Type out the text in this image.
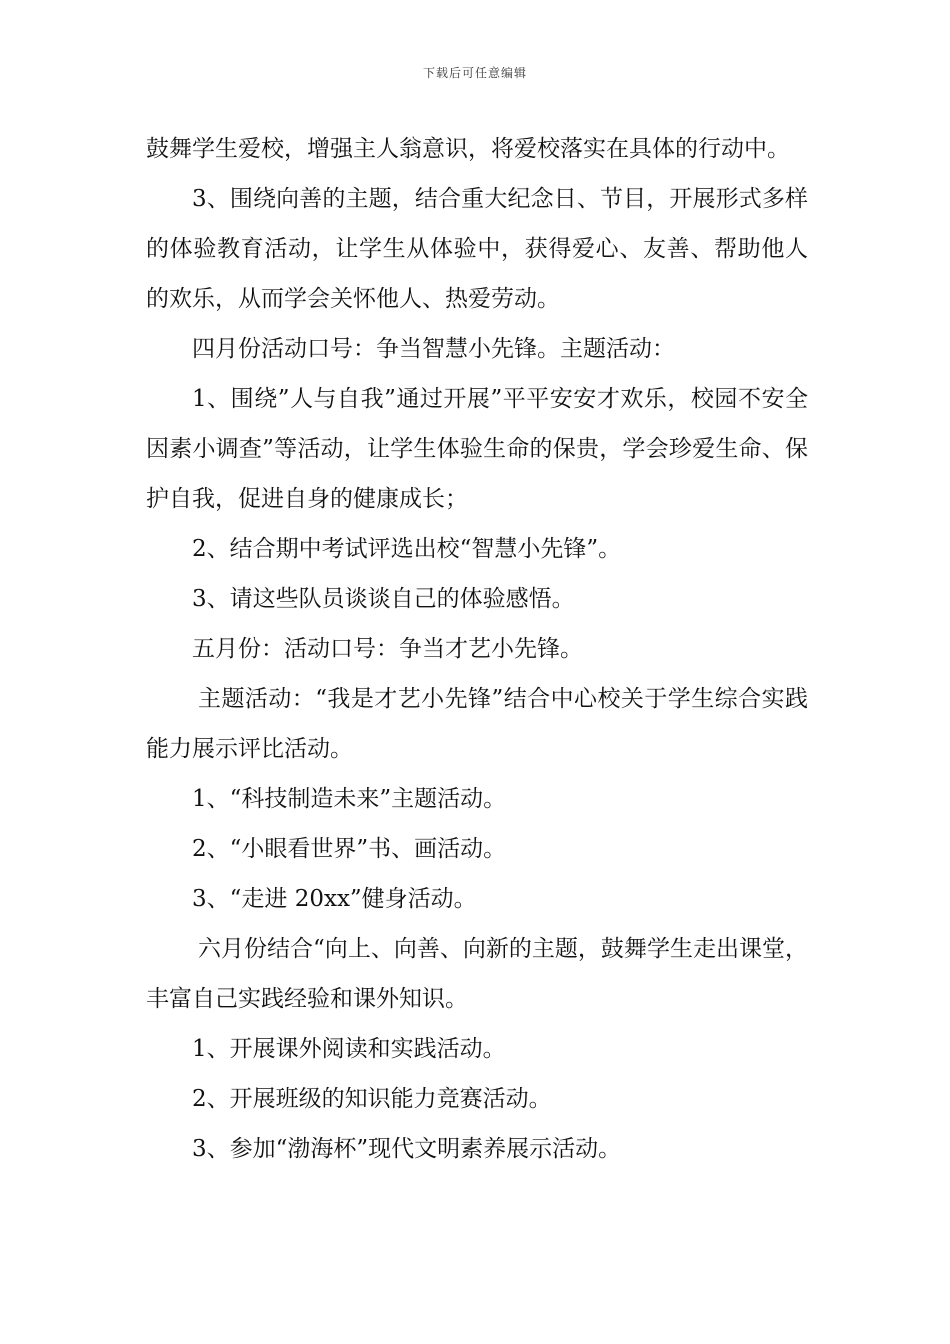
下载后可任意编辑

鼓舞学生爱校，增强主人翁意识，将爱校落实在具体的行动中。

3、围绕向善的主题，结合重大纪念日、节目，开展形式多样的体验教育活动，让学生从体验中，获得爱心、友善、帮助他人的欢乐，从而学会关怀他人、热爱劳动。

四月份活动口号：争当智慧小先锋。主题活动：

1、围绕”人与自我”通过开展”平平安安才欢乐，校园不安全因素小调查”等活动，让学生体验生命的保贵，学会珍爱生命、保护自我，促进自身的健康成长；

2、结合期中考试评选出校“智慧小先锋”。

3、请这些队员谈谈自己的体验感悟。

五月份：活动口号：争当才艺小先锋。

主题活动：“我是才艺小先锋”结合中心校关于学生综合实践能力展示评比活动。

1、“科技制造未来”主题活动。

2、“小眼看世界”书、画活动。

3、“走进 20xx”健身活动。

六月份结合“向上、向善、向新的主题，鼓舞学生走出课堂，丰富自己实践经验和课外知识。

1、开展课外阅读和实践活动。

2、开展班级的知识能力竞赛活动。

3、参加“渤海杯”现代文明素养展示活动。
